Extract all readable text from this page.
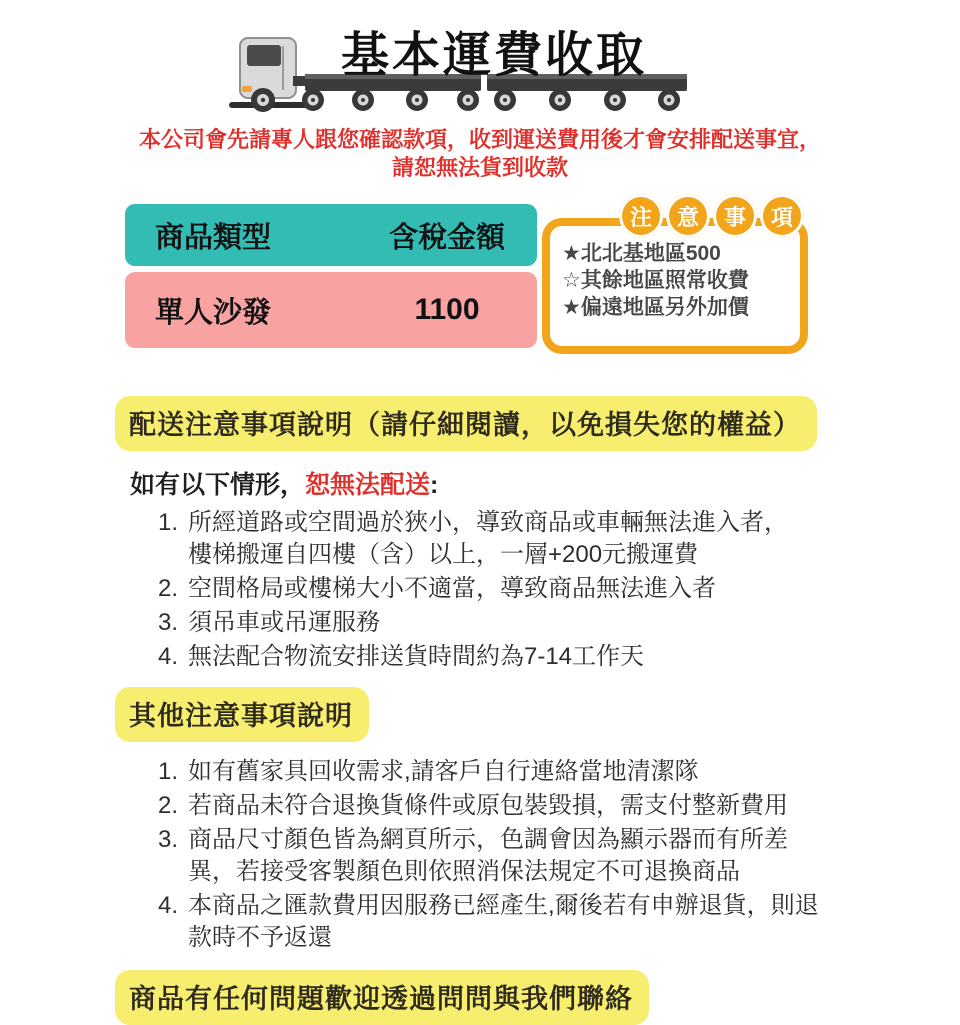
基本運費收取

本公司會先請專人跟您確認款項，收到運送費用後才會安排配送事宜，
請恕無法貨到收款

商品類型	含稅金額
單人沙發	1100
注	意	事	項
★北北基地區500
☆其餘地區照常收費
★偏遠地區另外加價
配送注意事項說明（請仔細閱讀，以免損失您的權益）

如有以下情形，恕無法配送:

1. 所經道路或空間過於狹小，導致商品或車輛無法進入者，
樓梯搬運自四樓（含）以上，一層+200元搬運費
2. 空間格局或樓梯大小不適當，導致商品無法進入者
3. 須吊車或吊運服務
4. 無法配合物流安排送貨時間約為7-14工作天
其他注意事項說明
1. 如有舊家具回收需求,請客戶自行連絡當地清潔隊
2. 若商品未符合退換貨條件或原包裝毀損，需支付整新費用
3. 商品尺寸顏色皆為網頁所示，色調會因為顯示器而有所差
異，若接受客製顏色則依照消保法規定不可退換商品
4. 本商品之匯款費用因服務已經產生,爾後若有申辦退貨，則退
款時不予返還
商品有任何問題歡迎透過問問與我們聯絡
